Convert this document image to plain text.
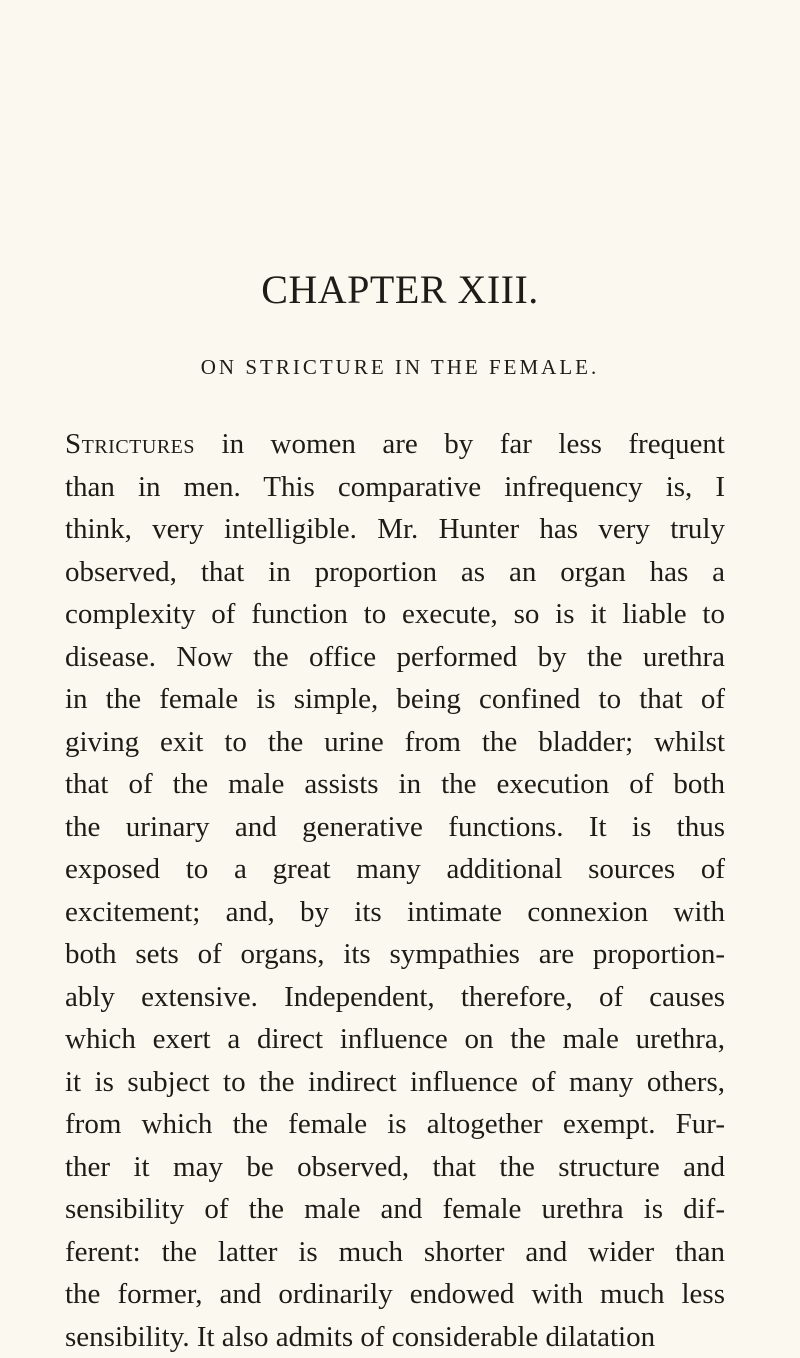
CHAPTER XIII.
ON STRICTURE IN THE FEMALE.
Strictures in women are by far less frequent
than in men. This comparative infrequency is, I
think, very intelligible. Mr. Hunter has very truly
observed, that in proportion as an organ has a
complexity of function to execute, so is it liable to
disease. Now the office performed by the urethra
in the female is simple, being confined to that of
giving exit to the urine from the bladder; whilst
that of the male assists in the execution of both
the urinary and generative functions. It is thus
exposed to a great many additional sources of
excitement; and, by its intimate connexion with
both sets of organs, its sympathies are proportion-
ably extensive. Independent, therefore, of causes
which exert a direct influence on the male urethra,
it is subject to the indirect influence of many others,
from which the female is altogether exempt. Fur-
ther it may be observed, that the structure and
sensibility of the male and female urethra is dif-
ferent: the latter is much shorter and wider than
the former, and ordinarily endowed with much less
sensibility. It also admits of considerable dilatation
